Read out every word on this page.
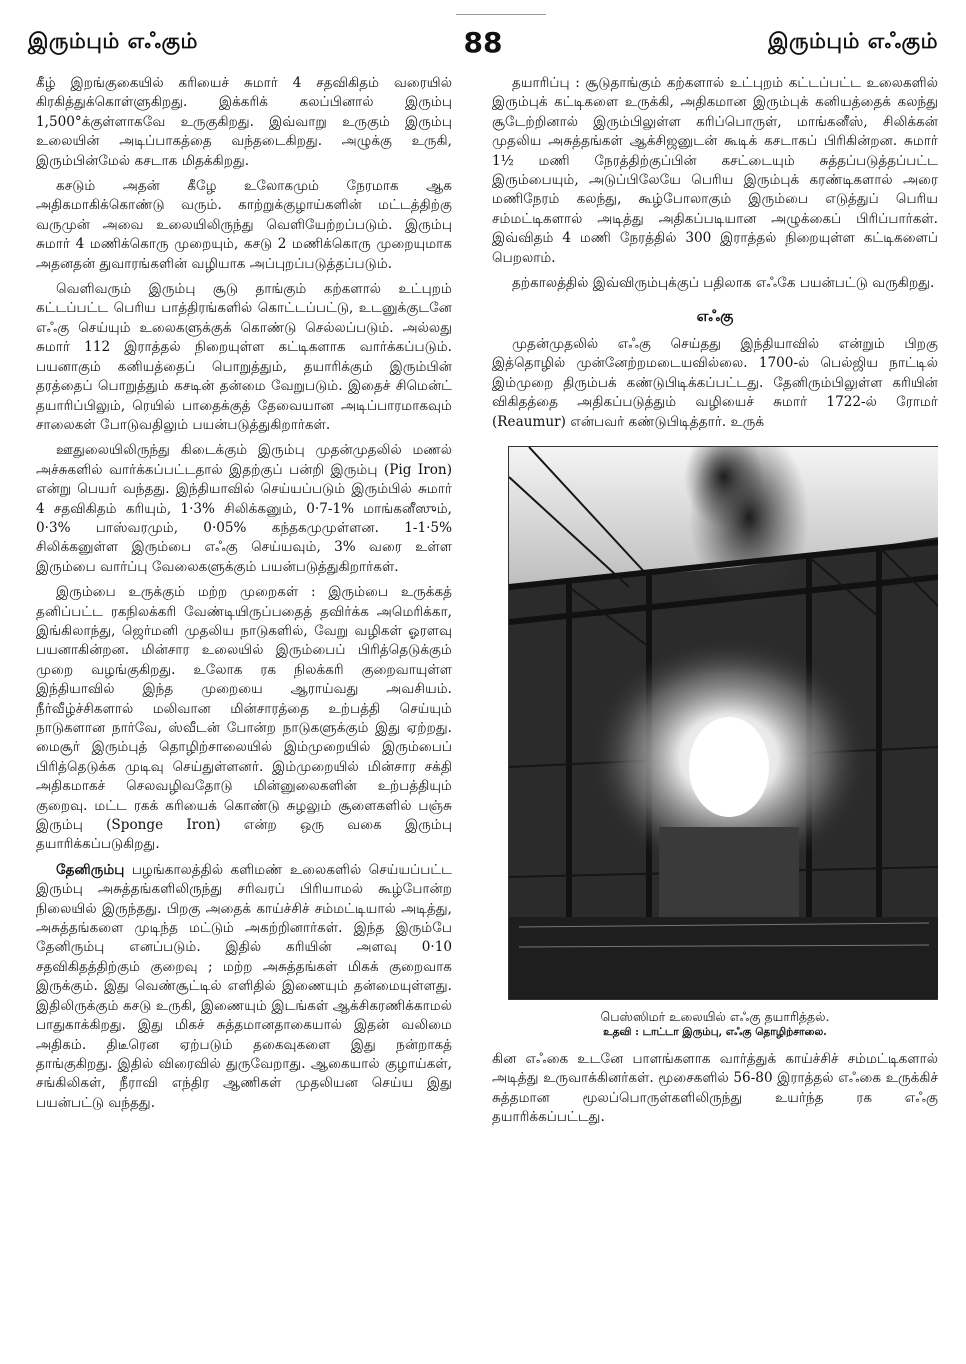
இரும்பும் எஃகும்	88	இரும்பும் எஃகும்

கீழ் இறங்குகையில் கரியைச் சுமார் 4 சதவிகிதம் வரையில் கிரகித்துக்கொள்ளுகிறது. இக்கரிக் கலப்பினால் இரும்பு 1,500°க்குள்ளாகவே உருகுகிறது. இவ்வாறு உருகும் இரும்பு உலையின் அடிப்பாகத்தை வந்தடைகிறது. அழுக்கு உருகி, இரும்பின்மேல் கசடாக மிதக்கிறது.

கசடும் அதன் கீழே உலோகமும் நேரமாக ஆக அதிகமாகிக்கொண்டு வரும். காற்றுக்குழாய்களின் மட்டத்திற்கு வருமுன் அவை உலையிலிருந்து வெளியேற்றப்படும். இரும்பு சுமார் 4 மணிக்கொரு முறையும், கசடு 2 மணிக்கொரு முறையுமாக அதனதன் துவாரங்களின் வழியாக அப்புறப்படுத்தப்படும்.

வெளிவரும் இரும்பு சூடு தாங்கும் கற்களால் உட்புறம் கட்டப்பட்ட பெரிய பாத்திரங்களில் கொட்டப்பட்டு, உடனுக்குடனே எஃகு செய்யும் உலைகளுக்குக் கொண்டு செல்லப்படும். அல்லது சுமார் 112 இராத்தல் நிறையுள்ள கட்டிகளாக வார்க்கப்படும். பயனாகும் கனியத்தைப் பொறுத்தும், தயாரிக்கும் இரும்பின் தரத்தைப் பொறுத்தும் கசடின் தன்மை வேறுபடும். இதைச் சிமென்ட் தயாரிப்பிலும், ரெயில் பாதைக்குத் தேவையான அடிப்பாரமாகவும் சாலைகள் போடுவதிலும் பயன்படுத்துகிறார்கள்.

ஊதுலையிலிருந்து கிடைக்கும் இரும்பு முதன்முதலில் மணல் அச்சுகளில் வார்க்கப்பட்டதால் இதற்குப் பன்றி இரும்பு (Pig Iron) என்று பெயர் வந்தது. இந்தியாவில் செய்யப்படும் இரும்பில் சுமார் 4 சதவிகிதம் கரியும், 1·3% சிலிக்கனும், 0·7-1% மாங்கனீஸும், 0·3% பாஸ்வரமும், 0·05% கந்தகமுமுள்ளன. 1-1·5% சிலிக்கனுள்ள இரும்பை எஃகு செய்யவும், 3% வரை உள்ள இரும்பை வார்ப்பு வேலைகளுக்கும் பயன்படுத்துகிறார்கள்.

இரும்பை உருக்கும் மற்ற முறைகள் : இரும்பை உருக்கத் தனிப்பட்ட ரகநிலக்கரி வேண்டியிருப்பதைத் தவிர்க்க அமெரிக்கா, இங்கிலாந்து, ஜெர்மனி முதலிய நாடுகளில், வேறு வழிகள் ஓரளவு பயனாகின்றன. மின்சார உலையில் இரும்பைப் பிரித்தெடுக்கும் முறை வழங்குகிறது. உலோக ரக நிலக்கரி குறைவாயுள்ள இந்தியாவில் இந்த முறையை ஆராய்வது அவசியம். நீர்வீழ்ச்சிகளால் மலிவான மின்சாரத்தை உற்பத்தி செய்யும் நாடுகளான நார்வே, ஸ்வீடன் போன்ற நாடுகளுக்கும் இது ஏற்றது. மைசூர் இரும்புத் தொழிற்சாலையில் இம்முறையில் இரும்பைப் பிரித்தெடுக்க முடிவு செய்துள்ளனர். இம்முறையில் மின்சார சக்தி அதிகமாகச் செலவழிவதோடு மின்னுலைகளின் உற்பத்தியும் குறைவு. மட்ட ரகக் கரியைக் கொண்டு சுழலும் சூளைகளில் பஞ்சு இரும்பு (Sponge Iron) என்ற ஒரு வகை இரும்பு தயாரிக்கப்படுகிறது.

தேனிரும்பு பழங்காலத்தில் களிமண் உலைகளில் செய்யப்பட்ட இரும்பு அசுத்தங்களிலிருந்து சரிவரப் பிரியாமல் கூழ்போன்ற நிலையில் இருந்தது. பிறகு அதைக் காய்ச்சிச் சம்மட்டியால் அடித்து, அசுத்தங்களை முடிந்த மட்டும் அகற்றினார்கள். இந்த இரும்பே தேனிரும்பு எனப்படும். இதில் கரியின் அளவு 0·10 சதவிகிதத்திற்கும் குறைவு ; மற்ற அசுத்தங்கள் மிகக் குறைவாக இருக்கும். இது வெண்சூட்டில் எளிதில் இணையும் தன்மையுள்ளது. இதிலிருக்கும் கசடு உருகி, இணையும் இடங்கள் ஆக்சிகரணிக்காமல் பாதுகாக்கிறது. இது மிகச் சுத்தமானதாகையால் இதன் வலிமை அதிகம். திடீரென ஏற்படும் தகைவுகளை இது நன்றாகத் தாங்குகிறது. இதில் விரைவில் துருவேறாது. ஆகையால் குழாய்கள், சங்கிலிகள், நீராவி எந்திர ஆணிகள் முதலியன செய்ய இது பயன்பட்டு வந்தது.

தயாரிப்பு : சூடுதாங்கும் கற்களால் உட்புறம் கட்டப்பட்ட உலைகளில் இரும்புக் கட்டிகளை உருக்கி, அதிகமான இரும்புக் கனியத்தைக் கலந்து சூடேற்றினால் இரும்பிலுள்ள கரிப்பொருள், மாங்கனீஸ், சிலிக்கன் முதலிய அசுத்தங்கள் ஆக்சிஜனுடன் கூடிக் கசடாகப் பிரிகின்றன. சுமார் 1½ மணி நேரத்திற்குப்பின் கசட்டையும் சுத்தப்படுத்தப்பட்ட இரும்பையும், அடுப்பிலேயே பெரிய இரும்புக் கரண்டிகளால் அரை மணிநேரம் கலந்து, கூழ்போலாகும் இரும்பை எடுத்துப் பெரிய சம்மட்டிகளால் அடித்து அதிகப்படியான அழுக்கைப் பிரிப்பார்கள். இவ்விதம் 4 மணி நேரத்தில் 300 இராத்தல் நிறையுள்ள கட்டிகளைப் பெறலாம்.

தற்காலத்தில் இவ்விரும்புக்குப் பதிலாக எஃகே பயன்பட்டு வருகிறது.

எஃகு

முதன்முதலில் எஃகு செய்தது இந்தியாவில் என்றும் பிறகு இத்தொழில் முன்னேற்றமடையவில்லை. 1700-ல் பெல்ஜிய நாட்டில் இம்முறை திரும்பக் கண்டுபிடிக்கப்பட்டது. தேனிரும்பிலுள்ள கரியின் விகிதத்தை அதிகப்படுத்தும் வழியைச் சுமார் 1722-ல் ரோமர் (Reaumur) என்பவர் கண்டுபிடித்தார். உருக்

பெஸ்ஸிமர் உலையில் எஃகு தயாரித்தல்.
உதவி : டாட்டா இரும்பு, எஃகு தொழிற்சாலை.

கின எஃகை உடனே பாளங்களாக வார்த்துக் காய்ச்சிச் சம்மட்டிகளால் அடித்து உருவாக்கினர்கள். மூசைகளில் 56-80 இராத்தல் எஃகை உருக்கிச் சுத்தமான மூலப்பொருள்களிலிருந்து உயர்ந்த ரக எஃகு தயாரிக்கப்பட்டது.
